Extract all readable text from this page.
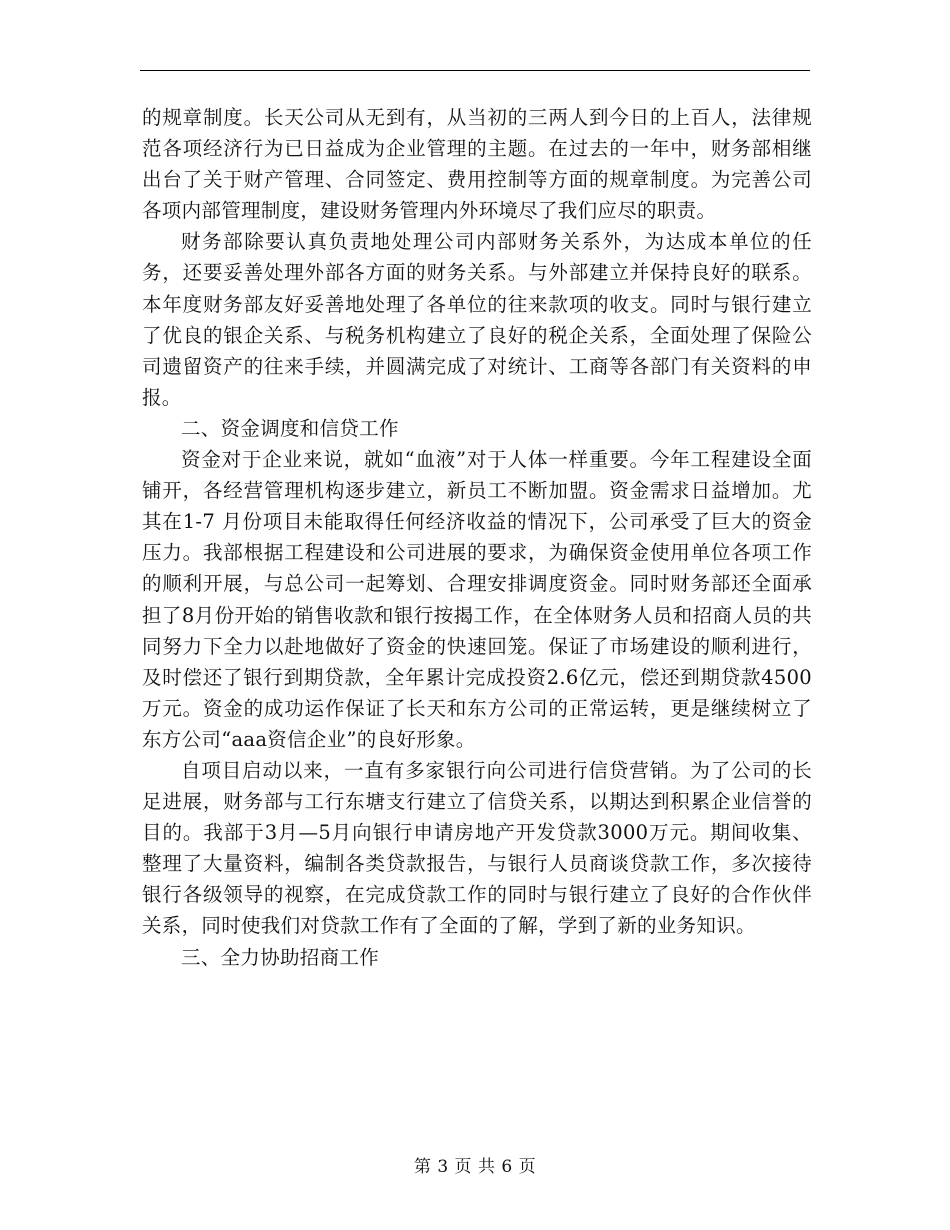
的规章制度。长天公司从无到有，从当初的三两人到今日的上百人，法律规范各项经济行为已日益成为企业管理的主题。在过去的一年中，财务部相继出台了关于财产管理、合同签定、费用控制等方面的规章制度。为完善公司各项内部管理制度，建设财务管理内外环境尽了我们应尽的职责。

财务部除要认真负责地处理公司内部财务关系外，为达成本单位的任务，还要妥善处理外部各方面的财务关系。与外部建立并保持良好的联系。本年度财务部友好妥善地处理了各单位的往来款项的收支。同时与银行建立了优良的银企关系、与税务机构建立了良好的税企关系，全面处理了保险公司遗留资产的往来手续，并圆满完成了对统计、工商等各部门有关资料的申报。

二、资金调度和信贷工作

资金对于企业来说，就如“血液”对于人体一样重要。今年工程建设全面铺开，各经营管理机构逐步建立，新员工不断加盟。资金需求日益增加。尤其在1-7 月份项目未能取得任何经济收益的情况下，公司承受了巨大的资金压力。我部根据工程建设和公司进展的要求，为确保资金使用单位各项工作的顺利开展，与总公司一起筹划、合理安排调度资金。同时财务部还全面承担了8月份开始的销售收款和银行按揭工作，在全体财务人员和招商人员的共同努力下全力以赴地做好了资金的快速回笼。保证了市场建设的顺利进行，及时偿还了银行到期贷款，全年累计完成投资2.6亿元，偿还到期贷款4500万元。资金的成功运作保证了长天和东方公司的正常运转，更是继续树立了东方公司“aaa资信企业”的良好形象。

自项目启动以来，一直有多家银行向公司进行信贷营销。为了公司的长足进展，财务部与工行东塘支行建立了信贷关系，以期达到积累企业信誉的目的。我部于3月—5月向银行申请房地产开发贷款3000万元。期间收集、整理了大量资料，编制各类贷款报告，与银行人员商谈贷款工作，多次接待银行各级领导的视察，在完成贷款工作的同时与银行建立了良好的合作伙伴关系，同时使我们对贷款工作有了全面的了解，学到了新的业务知识。

三、全力协助招商工作

第 3 页 共 6 页
